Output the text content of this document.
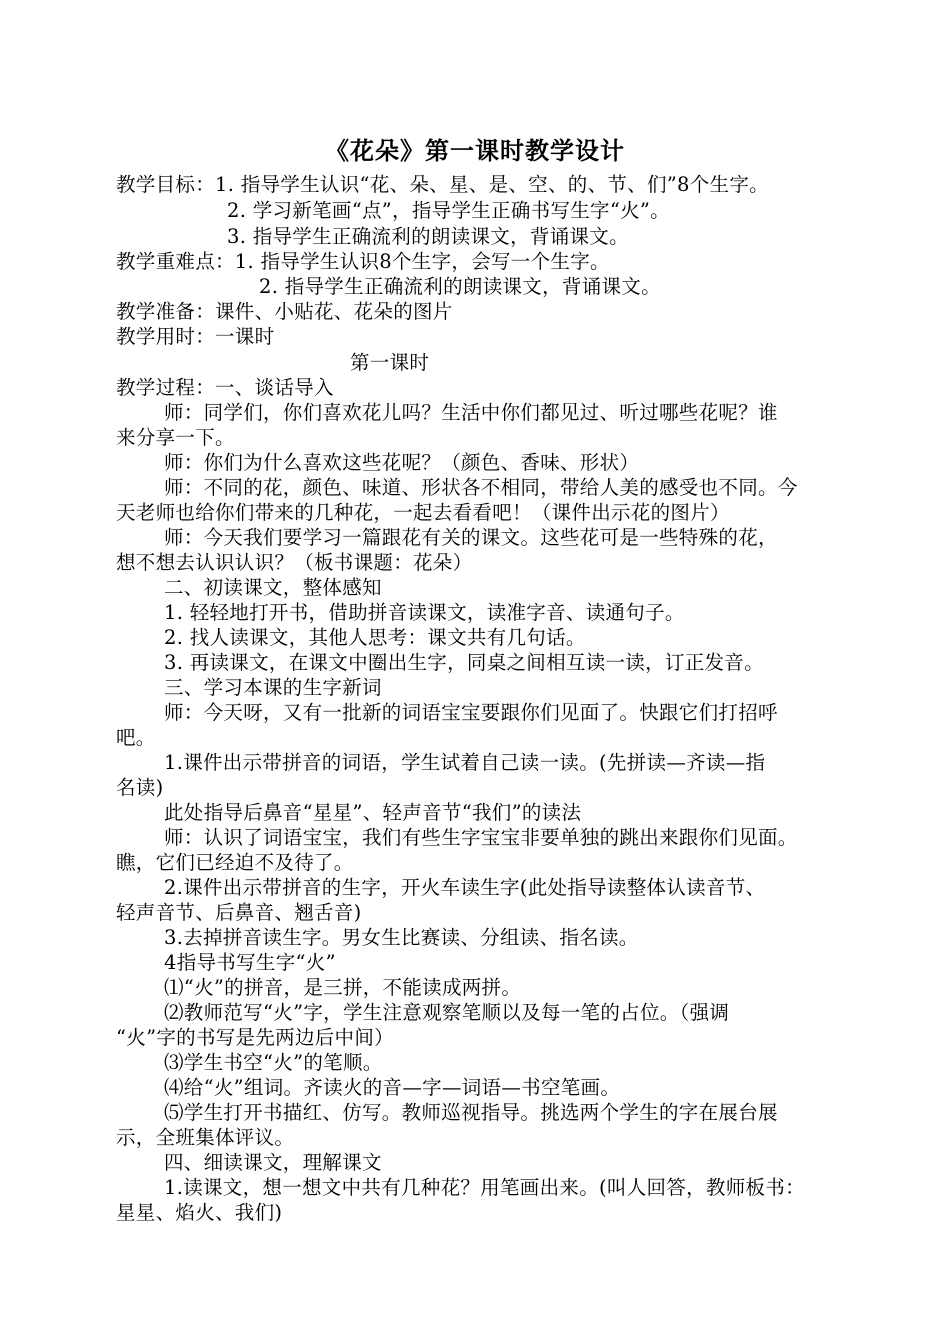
《花朵》第一课时教学设计
教学目标：1. 指导学生认识“花、朵、星、是、空、的、节、们”8个生字。
2. 学习新笔画“点”，指导学生正确书写生字“火”。
3. 指导学生正确流利的朗读课文，背诵课文。
教学重难点：1. 指导学生认识8个生字，会写一个生字。
2. 指导学生正确流利的朗读课文，背诵课文。
教学准备：课件、小贴花、花朵的图片
教学用时：一课时
第一课时
教学过程：一、谈话导入
师：同学们，你们喜欢花儿吗？生活中你们都见过、听过哪些花呢？谁
来分享一下。
师：你们为什么喜欢这些花呢？（颜色、香味、形状）
师：不同的花，颜色、味道、形状各不相同，带给人美的感受也不同。今
天老师也给你们带来的几种花，一起去看看吧！（课件出示花的图片）
师：今天我们要学习一篇跟花有关的课文。这些花可是一些特殊的花，
想不想去认识认识？（板书课题：花朵）
二、初读课文，整体感知
1. 轻轻地打开书，借助拼音读课文，读准字音、读通句子。
2. 找人读课文，其他人思考：课文共有几句话。
3. 再读课文，在课文中圈出生字，同桌之间相互读一读，订正发音。
三、学习本课的生字新词
师：今天呀，又有一批新的词语宝宝要跟你们见面了。快跟它们打招呼
吧。
1.课件出示带拼音的词语，学生试着自己读一读。(先拼读—齐读—指
名读)
此处指导后鼻音“星星”、轻声音节“我们”的读法
师：认识了词语宝宝，我们有些生字宝宝非要单独的跳出来跟你们见面。
瞧，它们已经迫不及待了。
2.课件出示带拼音的生字，开火车读生字(此处指导读整体认读音节、
轻声音节、后鼻音、翘舌音)
3.去掉拼音读生字。男女生比赛读、分组读、指名读。
4指导书写生字“火”
⑴“火”的拼音，是三拼，不能读成两拼。
⑵教师范写“火”字，学生注意观察笔顺以及每一笔的占位。（强调
“火”字的书写是先两边后中间）
⑶学生书空“火”的笔顺。
⑷给“火”组词。齐读火的音—字—词语—书空笔画。
⑸学生打开书描红、仿写。教师巡视指导。挑选两个学生的字在展台展
示，全班集体评议。
四、细读课文，理解课文
1.读课文，想一想文中共有几种花？用笔画出来。(叫人回答，教师板书：
星星、焰火、我们)
